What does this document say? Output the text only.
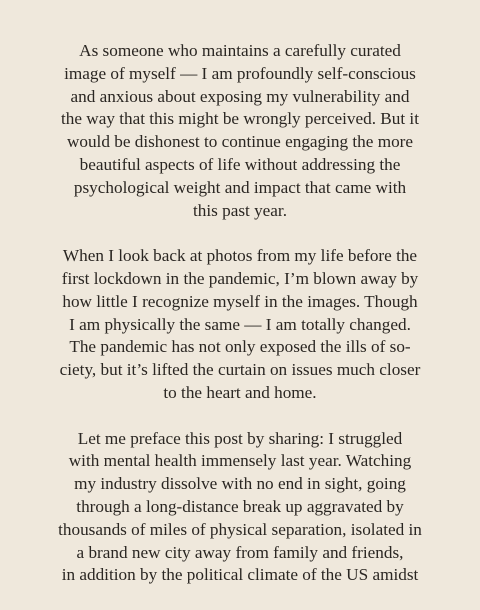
As someone who maintains a carefully curated
image of myself — I am profoundly self-conscious
and anxious about exposing my vulnerability and
the way that this might be wrongly perceived. But it
would be dishonest to continue engaging the more
beautiful aspects of life without addressing the
psychological weight and impact that came with
this past year.

When I look back at photos from my life before the
first lockdown in the pandemic, I’m blown away by
how little I recognize myself in the images. Though
I am physically the same — I am totally changed.
The pandemic has not only exposed the ills of so-
ciety, but it’s lifted the curtain on issues much closer
to the heart and home.

Let me preface this post by sharing: I struggled
with mental health immensely last year. Watching
my industry dissolve with no end in sight, going
through a long-distance break up aggravated by
thousands of miles of physical separation, isolated in
a brand new city away from family and friends,
in addition by the political climate of the US amidst
